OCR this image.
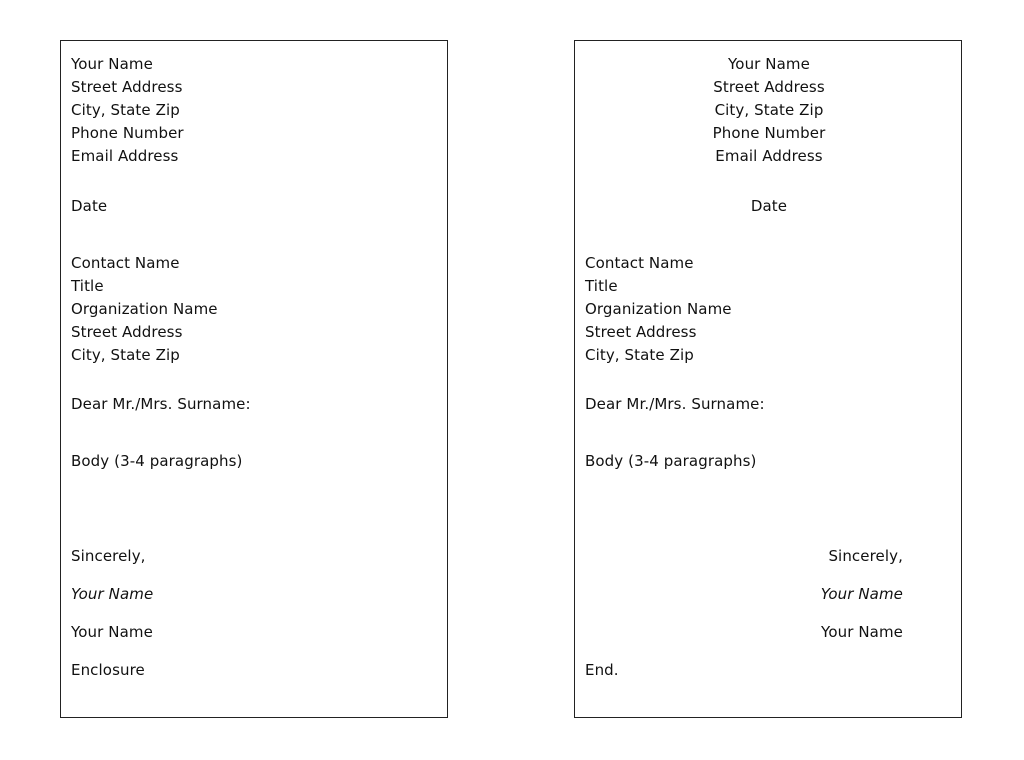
Your Name
Street Address
City, State Zip
Phone Number
Email Address
Date
Contact Name
Title
Organization Name
Street Address
City, State Zip
Dear Mr./Mrs. Surname:
Body (3-4 paragraphs)
Sincerely,
Your Name
Your Name
Enclosure
Your Name
Street Address
City, State Zip
Phone Number
Email Address
Date
Contact Name
Title
Organization Name
Street Address
City, State Zip
Dear Mr./Mrs. Surname:
Body (3-4 paragraphs)
Sincerely,
Your Name
Your Name
End.
